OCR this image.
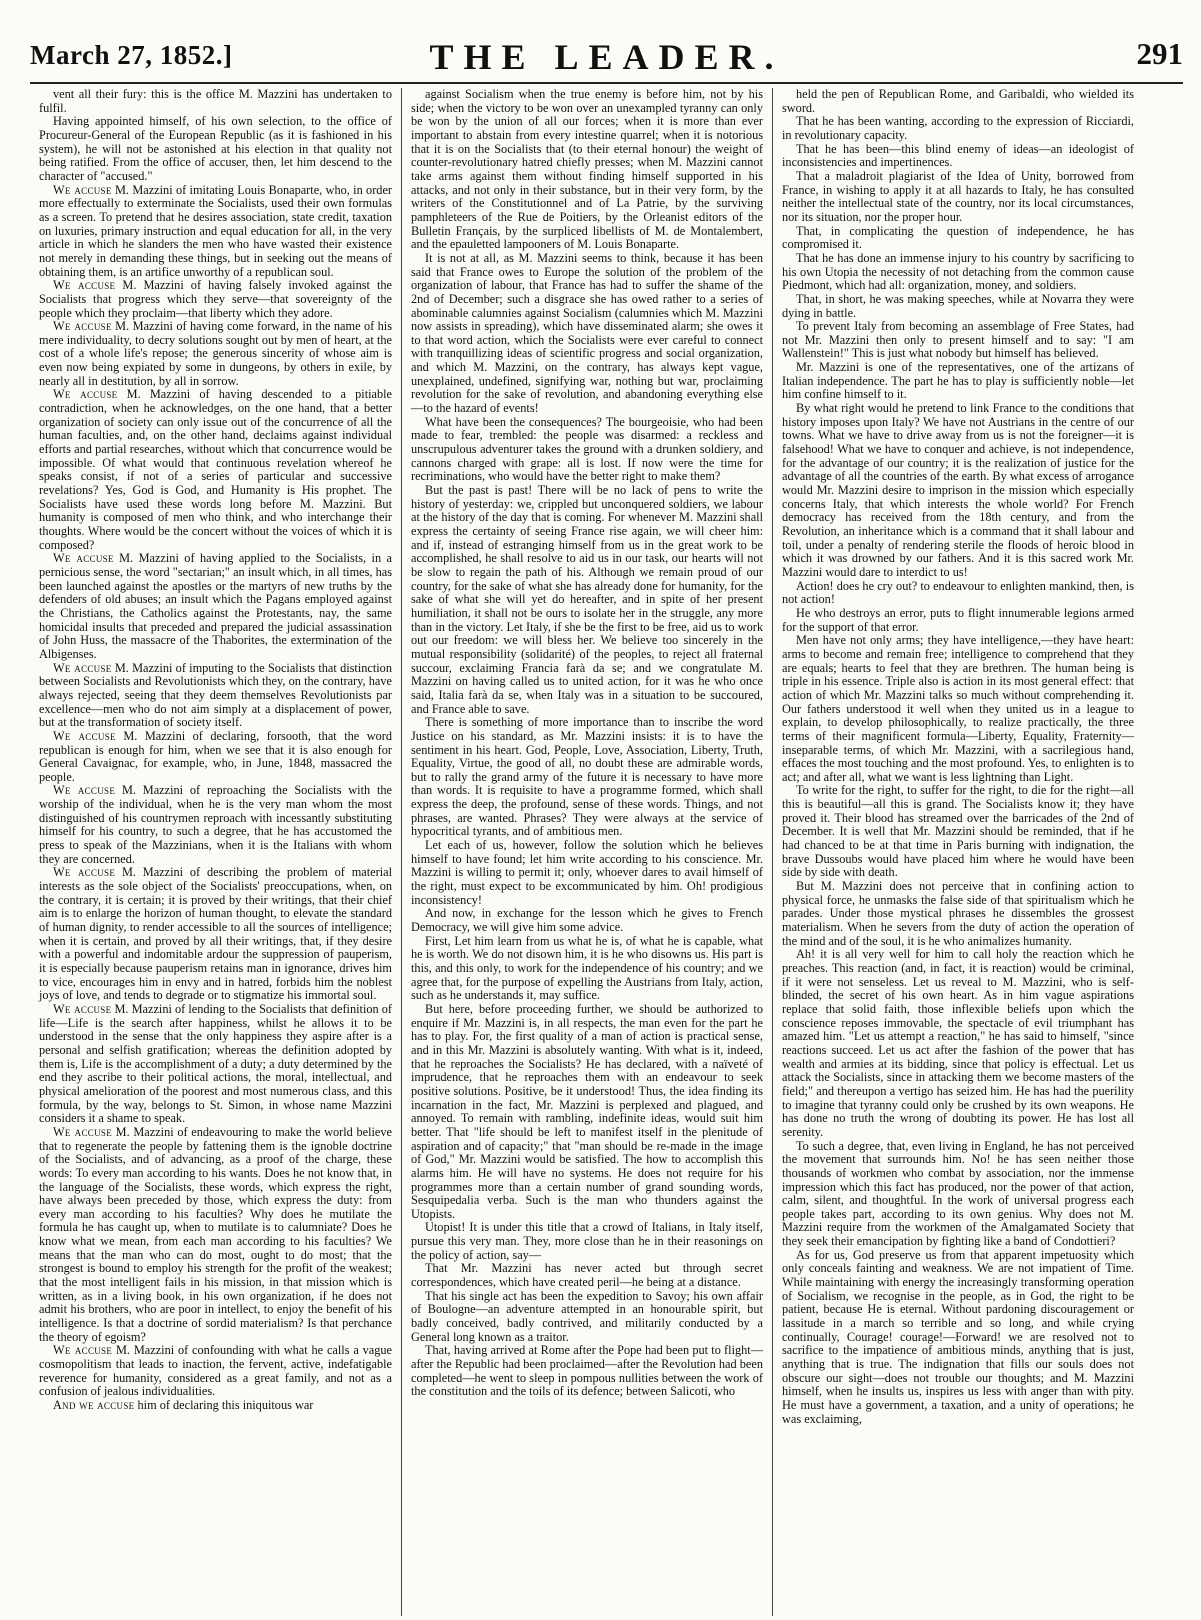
March 27, 1852.]	THE LEADER.	291

vent all their fury: this is the office M. Mazzini has undertaken to fulfil.

Having appointed himself, of his own selection, to the office of Procureur-General of the European Republic (as it is fashioned in his system), he will not be astonished at his election in that quality not being ratified. From the office of accuser, then, let him descend to the character of "accused."

We accuse M. Mazzini of imitating Louis Bonaparte, who, in order more effectually to exterminate the Socialists, used their own formulas as a screen. To pretend that he desires association, state credit, taxation on luxuries, primary instruction and equal education for all, in the very article in which he slanders the men who have wasted their existence not merely in demanding these things, but in seeking out the means of obtaining them, is an artifice unworthy of a republican soul.

We accuse M. Mazzini of having falsely invoked against the Socialists that progress which they serve—that sovereignty of the people which they proclaim—that liberty which they adore.

We accuse M. Mazzini of having come forward, in the name of his mere individuality, to decry solutions sought out by men of heart, at the cost of a whole life's repose; the generous sincerity of whose aim is even now being expiated by some in dungeons, by others in exile, by nearly all in destitution, by all in sorrow.

We accuse M. Mazzini of having descended to a pitiable contradiction, when he acknowledges, on the one hand, that a better organization of society can only issue out of the concurrence of all the human faculties, and, on the other hand, declaims against individual efforts and partial researches, without which that concurrence would be impossible. Of what would that continuous revelation whereof he speaks consist, if not of a series of particular and successive revelations? Yes, God is God, and Humanity is His prophet. The Socialists have used these words long before M. Mazzini. But humanity is composed of men who think, and who interchange their thoughts. Where would be the concert without the voices of which it is composed?

We accuse M. Mazzini of having applied to the Socialists, in a pernicious sense, the word "sectarian;" an insult which, in all times, has been launched against the apostles or the martyrs of new truths by the defenders of old abuses; an insult which the Pagans employed against the Christians, the Catholics against the Protestants, nay, the same homicidal insults that preceded and prepared the judicial assassination of John Huss, the massacre of the Thaborites, the extermination of the Albigenses.

We accuse M. Mazzini of imputing to the Socialists that distinction between Socialists and Revolutionists which they, on the contrary, have always rejected, seeing that they deem themselves Revolutionists par excellence—men who do not aim simply at a displacement of power, but at the transformation of society itself.

We accuse M. Mazzini of declaring, forsooth, that the word republican is enough for him, when we see that it is also enough for General Cavaignac, for example, who, in June, 1848, massacred the people.

We accuse M. Mazzini of reproaching the Socialists with the worship of the individual, when he is the very man whom the most distinguished of his countrymen reproach with incessantly substituting himself for his country, to such a degree, that he has accustomed the press to speak of the Mazzinians, when it is the Italians with whom they are concerned.

We accuse M. Mazzini of describing the problem of material interests as the sole object of the Socialists' preoccupations, when, on the contrary, it is certain; it is proved by their writings, that their chief aim is to enlarge the horizon of human thought, to elevate the standard of human dignity, to render accessible to all the sources of intelligence; when it is certain, and proved by all their writings, that, if they desire with a powerful and indomitable ardour the suppression of pauperism, it is especially because pauperism retains man in ignorance, drives him to vice, encourages him in envy and in hatred, forbids him the noblest joys of love, and tends to degrade or to stigmatize his immortal soul.

We accuse M. Mazzini of lending to the Socialists that definition of life—Life is the search after happiness, whilst he allows it to be understood in the sense that the only happiness they aspire after is a personal and selfish gratification; whereas the definition adopted by them is, Life is the accomplishment of a duty; a duty determined by the end they ascribe to their political actions, the moral, intellectual, and physical amelioration of the poorest and most numerous class, and this formula, by the way, belongs to St. Simon, in whose name Mazzini considers it a shame to speak.

We accuse M. Mazzini of endeavouring to make the world believe that to regenerate the people by fattening them is the ignoble doctrine of the Socialists, and of advancing, as a proof of the charge, these words: To every man according to his wants. Does he not know that, in the language of the Socialists, these words, which express the right, have always been preceded by those, which express the duty: from every man according to his faculties? Why does he mutilate the formula he has caught up, when to mutilate is to calumniate? Does he know what we mean, from each man according to his faculties? We means that the man who can do most, ought to do most; that the strongest is bound to employ his strength for the profit of the weakest; that the most intelligent fails in his mission, in that mission which is written, as in a living book, in his own organization, if he does not admit his brothers, who are poor in intellect, to enjoy the benefit of his intelligence. Is that a doctrine of sordid materialism? Is that perchance the theory of egoism?

We accuse M. Mazzini of confounding with what he calls a vague cosmopolitism that leads to inaction, the fervent, active, indefatigable reverence for humanity, considered as a great family, and not as a confusion of jealous individualities.

And we accuse him of declaring this iniquitous war

against Socialism when the true enemy is before him, not by his side; when the victory to be won over an unexampled tyranny can only be won by the union of all our forces; when it is more than ever important to abstain from every intestine quarrel; when it is notorious that it is on the Socialists that (to their eternal honour) the weight of counter-revolutionary hatred chiefly presses; when M. Mazzini cannot take arms against them without finding himself supported in his attacks, and not only in their substance, but in their very form, by the writers of the Constitutionnel and of La Patrie, by the surviving pamphleteers of the Rue de Poitiers, by the Orleanist editors of the Bulletin Français, by the surpliced libellists of M. de Montalembert, and the epauletted lampooners of M. Louis Bonaparte.

It is not at all, as M. Mazzini seems to think, because it has been said that France owes to Europe the solution of the problem of the organization of labour, that France has had to suffer the shame of the 2nd of December; such a disgrace she has owed rather to a series of abominable calumnies against Socialism (calumnies which M. Mazzini now assists in spreading), which have disseminated alarm; she owes it to that word action, which the Socialists were ever careful to connect with tranquillizing ideas of scientific progress and social organization, and which M. Mazzini, on the contrary, has always kept vague, unexplained, undefined, signifying war, nothing but war, proclaiming revolution for the sake of revolution, and abandoning everything else—to the hazard of events!

What have been the consequences? The bourgeoisie, who had been made to fear, trembled: the people was disarmed: a reckless and unscrupulous adventurer takes the ground with a drunken soldiery, and cannons charged with grape: all is lost. If now were the time for recriminations, who would have the better right to make them?

But the past is past! There will be no lack of pens to write the history of yesterday: we, crippled but unconquered soldiers, we labour at the history of the day that is coming. For whenever M. Mazzini shall express the certainty of seeing France rise again, we will cheer him: and if, instead of estranging himself from us in the great work to be accomplished, he shall resolve to aid us in our task, our hearts will not be slow to regain the path of his. Although we remain proud of our country, for the sake of what she has already done for humanity, for the sake of what she will yet do hereafter, and in spite of her present humiliation, it shall not be ours to isolate her in the struggle, any more than in the victory. Let Italy, if she be the first to be free, aid us to work out our freedom: we will bless her. We believe too sincerely in the mutual responsibility (solidarité) of the peoples, to reject all fraternal succour, exclaiming Francia farà da se; and we congratulate M. Mazzini on having called us to united action, for it was he who once said, Italia farà da se, when Italy was in a situation to be succoured, and France able to save.

There is something of more importance than to inscribe the word Justice on his standard, as Mr. Mazzini insists: it is to have the sentiment in his heart. God, People, Love, Association, Liberty, Truth, Equality, Virtue, the good of all, no doubt these are admirable words, but to rally the grand army of the future it is necessary to have more than words. It is requisite to have a programme formed, which shall express the deep, the profound, sense of these words. Things, and not phrases, are wanted. Phrases? They were always at the service of hypocritical tyrants, and of ambitious men.

Let each of us, however, follow the solution which he believes himself to have found; let him write according to his conscience. Mr. Mazzini is willing to permit it; only, whoever dares to avail himself of the right, must expect to be excommunicated by him. Oh! prodigious inconsistency!

And now, in exchange for the lesson which he gives to French Democracy, we will give him some advice.

First, Let him learn from us what he is, of what he is capable, what he is worth. We do not disown him, it is he who disowns us. His part is this, and this only, to work for the independence of his country; and we agree that, for the purpose of expelling the Austrians from Italy, action, such as he understands it, may suffice.

But here, before proceeding further, we should be authorized to enquire if Mr. Mazzini is, in all respects, the man even for the part he has to play. For, the first quality of a man of action is practical sense, and in this Mr. Mazzini is absolutely wanting. With what is it, indeed, that he reproaches the Socialists? He has declared, with a naïveté of imprudence, that he reproaches them with an endeavour to seek positive solutions. Positive, be it understood! Thus, the idea finding its incarnation in the fact, Mr. Mazzini is perplexed and plagued, and annoyed. To remain with rambling, indefinite ideas, would suit him better. That "life should be left to manifest itself in the plenitude of aspiration and of capacity;" that "man should be re-made in the image of God," Mr. Mazzini would be satisfied. The how to accomplish this alarms him. He will have no systems. He does not require for his programmes more than a certain number of grand sounding words, Sesquipedalia verba. Such is the man who thunders against the Utopists.

Utopist! It is under this title that a crowd of Italians, in Italy itself, pursue this very man. They, more close than he in their reasonings on the policy of action, say—

That Mr. Mazzini has never acted but through secret correspondences, which have created peril—he being at a distance.

That his single act has been the expedition to Savoy; his own affair of Boulogne—an adventure attempted in an honourable spirit, but badly conceived, badly contrived, and militarily conducted by a General long known as a traitor.

That, having arrived at Rome after the Pope had been put to flight—after the Republic had been proclaimed—after the Revolution had been completed—he went to sleep in pompous nullities between the work of the constitution and the toils of its defence; between Salicoti, who

held the pen of Republican Rome, and Garibaldi, who wielded its sword.

That he has been wanting, according to the expression of Ricciardi, in revolutionary capacity.

That he has been—this blind enemy of ideas—an ideologist of inconsistencies and impertinences.

That a maladroit plagiarist of the Idea of Unity, borrowed from France, in wishing to apply it at all hazards to Italy, he has consulted neither the intellectual state of the country, nor its local circumstances, nor its situation, nor the proper hour.

That, in complicating the question of independence, he has compromised it.

That he has done an immense injury to his country by sacrificing to his own Utopia the necessity of not detaching from the common cause Piedmont, which had all: organization, money, and soldiers.

That, in short, he was making speeches, while at Novarra they were dying in battle.

To prevent Italy from becoming an assemblage of Free States, had not Mr. Mazzini then only to present himself and to say: "I am Wallenstein!" This is just what nobody but himself has believed.

Mr. Mazzini is one of the representatives, one of the artizans of Italian independence. The part he has to play is sufficiently noble—let him confine himself to it.

By what right would he pretend to link France to the conditions that history imposes upon Italy? We have not Austrians in the centre of our towns. What we have to drive away from us is not the foreigner—it is falsehood! What we have to conquer and achieve, is not independence, for the advantage of our country; it is the realization of justice for the advantage of all the countries of the earth. By what excess of arrogance would Mr. Mazzini desire to imprison in the mission which especially concerns Italy, that which interests the whole world? For French democracy has received from the 18th century, and from the Revolution, an inheritance which is a command that it shall labour and toil, under a penalty of rendering sterile the floods of heroic blood in which it was drowned by our fathers. And it is this sacred work Mr. Mazzini would dare to interdict to us!

Action! does he cry out? to endeavour to enlighten mankind, then, is not action!

He who destroys an error, puts to flight innumerable legions armed for the support of that error.

Men have not only arms; they have intelligence,—they have heart: arms to become and remain free; intelligence to comprehend that they are equals; hearts to feel that they are brethren. The human being is triple in his essence. Triple also is action in its most general effect: that action of which Mr. Mazzini talks so much without comprehending it. Our fathers understood it well when they united us in a league to explain, to develop philosophically, to realize practically, the three terms of their magnificent formula—Liberty, Equality, Fraternity—inseparable terms, of which Mr. Mazzini, with a sacrilegious hand, effaces the most touching and the most profound. Yes, to enlighten is to act; and after all, what we want is less lightning than Light.

To write for the right, to suffer for the right, to die for the right—all this is beautiful—all this is grand. The Socialists know it; they have proved it. Their blood has streamed over the barricades of the 2nd of December. It is well that Mr. Mazzini should be reminded, that if he had chanced to be at that time in Paris burning with indignation, the brave Dussoubs would have placed him where he would have been side by side with death.

But M. Mazzini does not perceive that in confining action to physical force, he unmasks the false side of that spiritualism which he parades. Under those mystical phrases he dissembles the grossest materialism. When he severs from the duty of action the operation of the mind and of the soul, it is he who animalizes humanity.

Ah! it is all very well for him to call holy the reaction which he preaches. This reaction (and, in fact, it is reaction) would be criminal, if it were not senseless. Let us reveal to M. Mazzini, who is self-blinded, the secret of his own heart. As in him vague aspirations replace that solid faith, those inflexible beliefs upon which the conscience reposes immovable, the spectacle of evil triumphant has amazed him. "Let us attempt a reaction," he has said to himself, "since reactions succeed. Let us act after the fashion of the power that has wealth and armies at its bidding, since that policy is effectual. Let us attack the Socialists, since in attacking them we become masters of the field;" and thereupon a vertigo has seized him. He has had the puerility to imagine that tyranny could only be crushed by its own weapons. He has done no truth the wrong of doubting its power. He has lost all serenity.

To such a degree, that, even living in England, he has not perceived the movement that surrounds him. No! he has seen neither those thousands of workmen who combat by association, nor the immense impression which this fact has produced, nor the power of that action, calm, silent, and thoughtful. In the work of universal progress each people takes part, according to its own genius. Why does not M. Mazzini require from the workmen of the Amalgamated Society that they seek their emancipation by fighting like a band of Condottieri?

As for us, God preserve us from that apparent impetuosity which only conceals fainting and weakness. We are not impatient of Time. While maintaining with energy the increasingly transforming operation of Socialism, we recognise in the people, as in God, the right to be patient, because He is eternal. Without pardoning discouragement or lassitude in a march so terrible and so long, and while crying continually, Courage! courage!—Forward! we are resolved not to sacrifice to the impatience of ambitious minds, anything that is just, anything that is true. The indignation that fills our souls does not obscure our sight—does not trouble our thoughts; and M. Mazzini himself, when he insults us, inspires us less with anger than with pity. He must have a government, a taxation, and a unity of operations; he was exclaiming,
